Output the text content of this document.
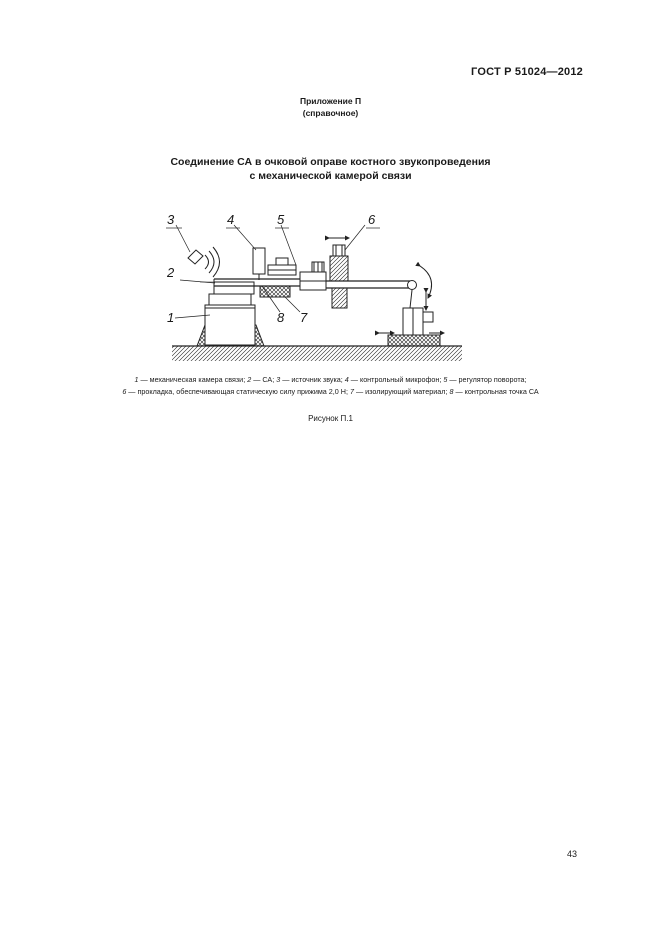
ГОСТ Р 51024—2012
Приложение П
(справочное)
Соединение СА в очковой оправе костного звукопроведения
с механической камерой связи
3	4	5	6
2
1	8 7
1 — механическая камера связи; 2 — СА; 3 — источник звука; 4 — контрольный микрофон; 5 — регулятор поворота;
6 — прокладка, обеспечивающая статическую силу прижима 2,0 Н; 7 — изолирующий материал; 8 — контрольная точка СА
Рисунок П.1
43
